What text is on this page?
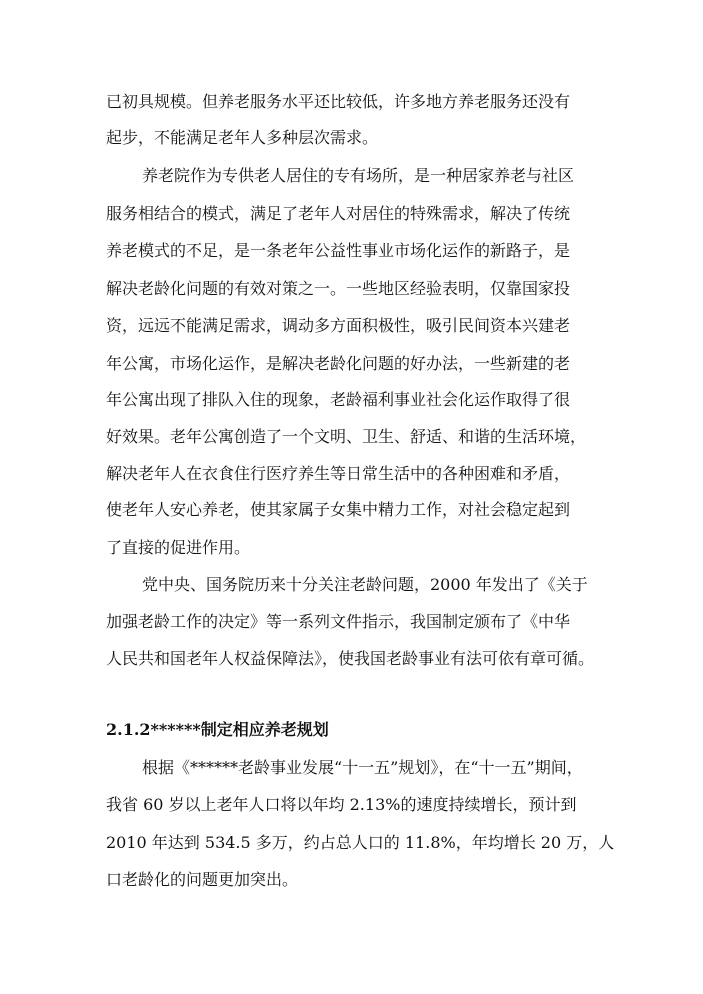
已初具规模。但养老服务水平还比较低，许多地方养老服务还没有
起步，不能满足老年人多种层次需求。
养老院作为专供老人居住的专有场所，是一种居家养老与社区
服务相结合的模式，满足了老年人对居住的特殊需求，解决了传统
养老模式的不足，是一条老年公益性事业市场化运作的新路子，是
解决老龄化问题的有效对策之一。一些地区经验表明，仅靠国家投
资，远远不能满足需求，调动多方面积极性，吸引民间资本兴建老
年公寓，市场化运作，是解决老龄化问题的好办法，一些新建的老
年公寓出现了排队入住的现象，老龄福利事业社会化运作取得了很
好效果。老年公寓创造了一个文明、卫生、舒适、和谐的生活环境，
解决老年人在衣食住行医疗养生等日常生活中的各种困难和矛盾，
使老年人安心养老，使其家属子女集中精力工作，对社会稳定起到
了直接的促进作用。
党中央、国务院历来十分关注老龄问题，2000 年发出了《关于
加强老龄工作的决定》等一系列文件指示，我国制定颁布了《中华
人民共和国老年人权益保障法》，使我国老龄事业有法可依有章可循。
2.1.2******制定相应养老规划
根据《******老龄事业发展“十一五”规划》，在“十一五”期间，
我省 60 岁以上老年人口将以年均 2.13%的速度持续增长，预计到
2010 年达到 534.5 多万，约占总人口的 11.8%，年均增长 20 万，人
口老龄化的问题更加突出。
